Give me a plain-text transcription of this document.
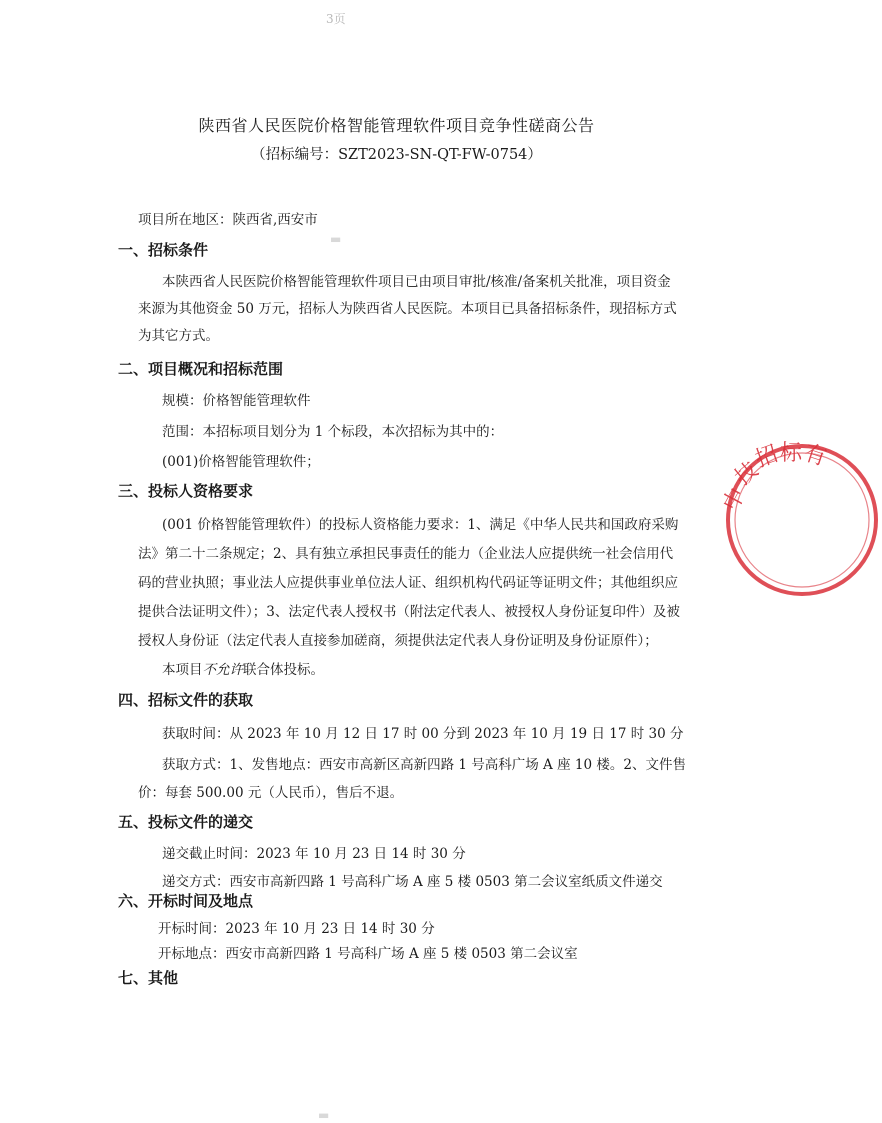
3页
陕西省人民医院价格智能管理软件项目竞争性磋商公告
（招标编号：SZT2023-SN-QT-FW-0754）
项目所在地区：陕西省,西安市
一、招标条件
本陕西省人民医院价格智能管理软件项目已由项目审批/核准/备案机关批准，项目资金
来源为其他资金 50 万元，招标人为陕西省人民医院。本项目已具备招标条件，现招标方式
为其它方式。
二、项目概况和招标范围
规模：价格智能管理软件
范围：本招标项目划分为 1 个标段，本次招标为其中的：
(001)价格智能管理软件；
三、投标人资格要求
(001 价格智能管理软件）的投标人资格能力要求：1、满足《中华人民共和国政府采购
法》第二十二条规定；2、具有独立承担民事责任的能力（企业法人应提供统一社会信用代
码的营业执照；事业法人应提供事业单位法人证、组织机构代码证等证明文件；其他组织应
提供合法证明文件）；3、法定代表人授权书（附法定代表人、被授权人身份证复印件）及被
授权人身份证（法定代表人直接参加磋商，须提供法定代表人身份证明及身份证原件）；
本项目不允许联合体投标。
四、招标文件的获取
获取时间：从 2023 年 10 月 12 日 17 时 00 分到 2023 年 10 月 19 日 17 时 30 分
获取方式：1、发售地点：西安市高新区高新四路 1 号高科广场 A 座 10 楼。2、文件售
价：每套 500.00 元（人民币），售后不退。
五、投标文件的递交
递交截止时间：2023 年 10 月 23 日 14 时 30 分
递交方式：西安市高新四路 1 号高科广场 A 座 5 楼 0503 第二会议室纸质文件递交
六、开标时间及地点
开标时间：2023 年 10 月 23 日 14 时 30 分
开标地点：西安市高新四路 1 号高科广场 A 座 5 楼 0503 第二会议室
七、其他
▬
▬
中
技
招
标
有
